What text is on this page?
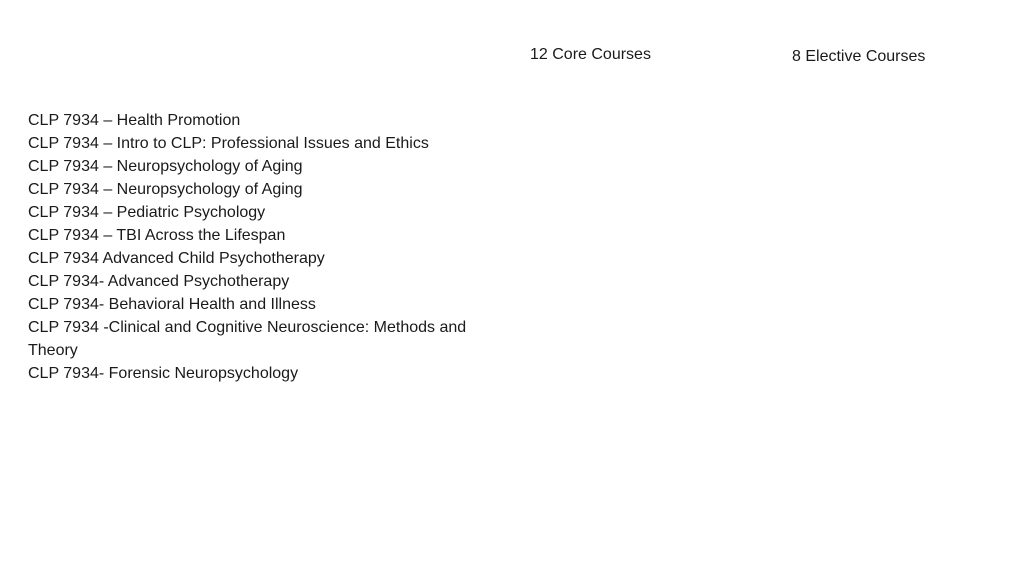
12 Core Courses	8 Elective Courses
CLP 7934 – Health Promotion
CLP 7934 – Intro to CLP: Professional Issues and Ethics
CLP 7934 – Neuropsychology of Aging
CLP 7934 – Neuropsychology of Aging
CLP 7934 – Pediatric Psychology
CLP 7934 – TBI Across the Lifespan
CLP 7934 Advanced Child Psychotherapy
CLP 7934- Advanced Psychotherapy
CLP 7934- Behavioral Health and Illness
CLP 7934 -Clinical and Cognitive Neuroscience: Methods and Theory
CLP 7934- Forensic Neuropsychology
